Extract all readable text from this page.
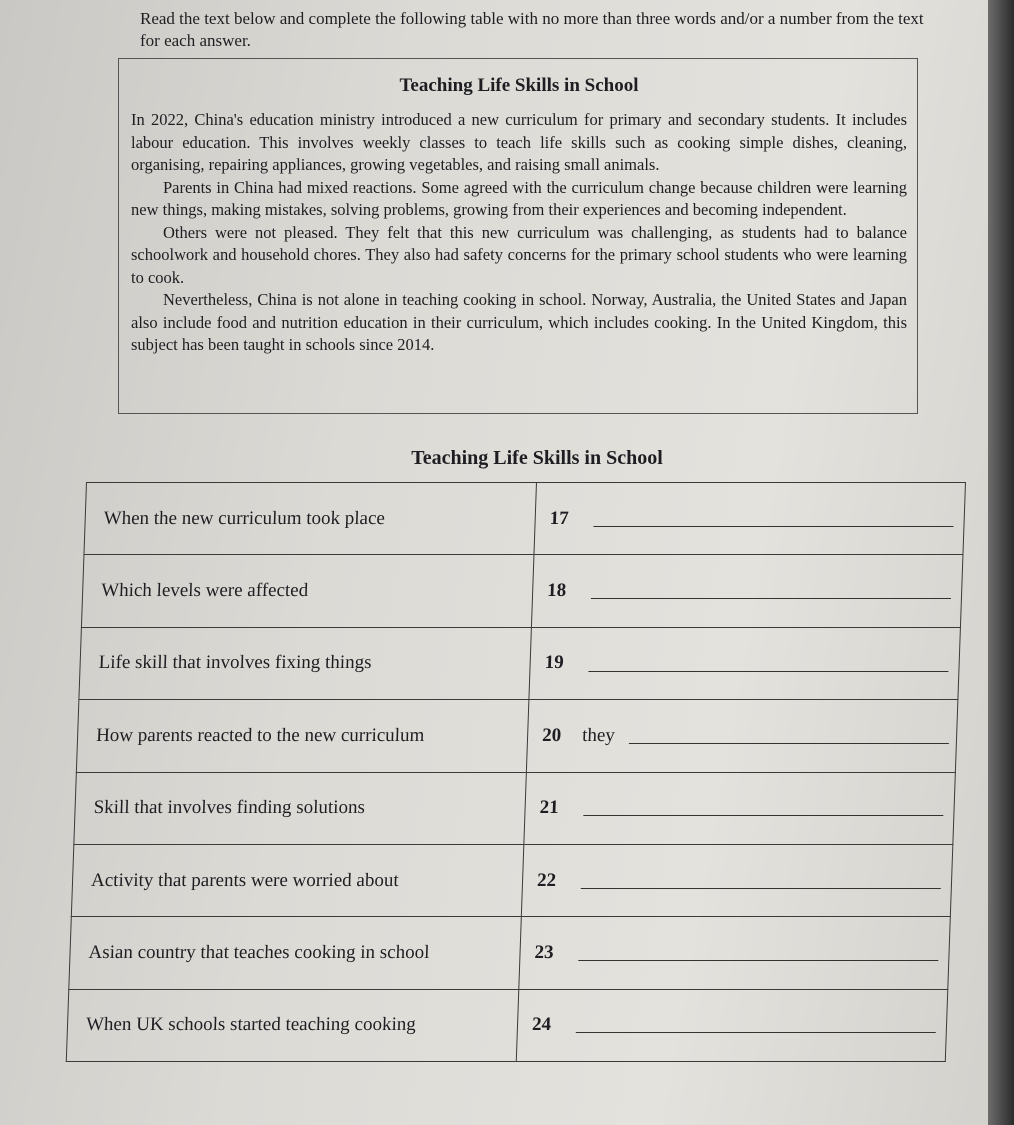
Read the text below and complete the following table with no more than three words and/or a number from the text for each answer.
Teaching Life Skills in School

In 2022, China's education ministry introduced a new curriculum for primary and secondary students. It includes labour education. This involves weekly classes to teach life skills such as cooking simple dishes, cleaning, organising, repairing appliances, growing vegetables, and raising small animals.

Parents in China had mixed reactions. Some agreed with the curriculum change because children were learning new things, making mistakes, solving problems, growing from their experiences and becoming independent.

Others were not pleased. They felt that this new curriculum was challenging, as students had to balance schoolwork and household chores. They also had safety concerns for the primary school students who were learning to cook.

Nevertheless, China is not alone in teaching cooking in school. Norway, Australia, the United States and Japan also include food and nutrition education in their curriculum, which includes cooking. In the United Kingdom, this subject has been taught in schools since 2014.

Teaching Life Skills in School
When the new curriculum took place	17
Which levels were affected	18
Life skill that involves fixing things	19
How parents reacted to the new curriculum	20 they
Skill that involves finding solutions	21
Activity that parents were worried about	22
Asian country that teaches cooking in school	23
When UK schools started teaching cooking	24
